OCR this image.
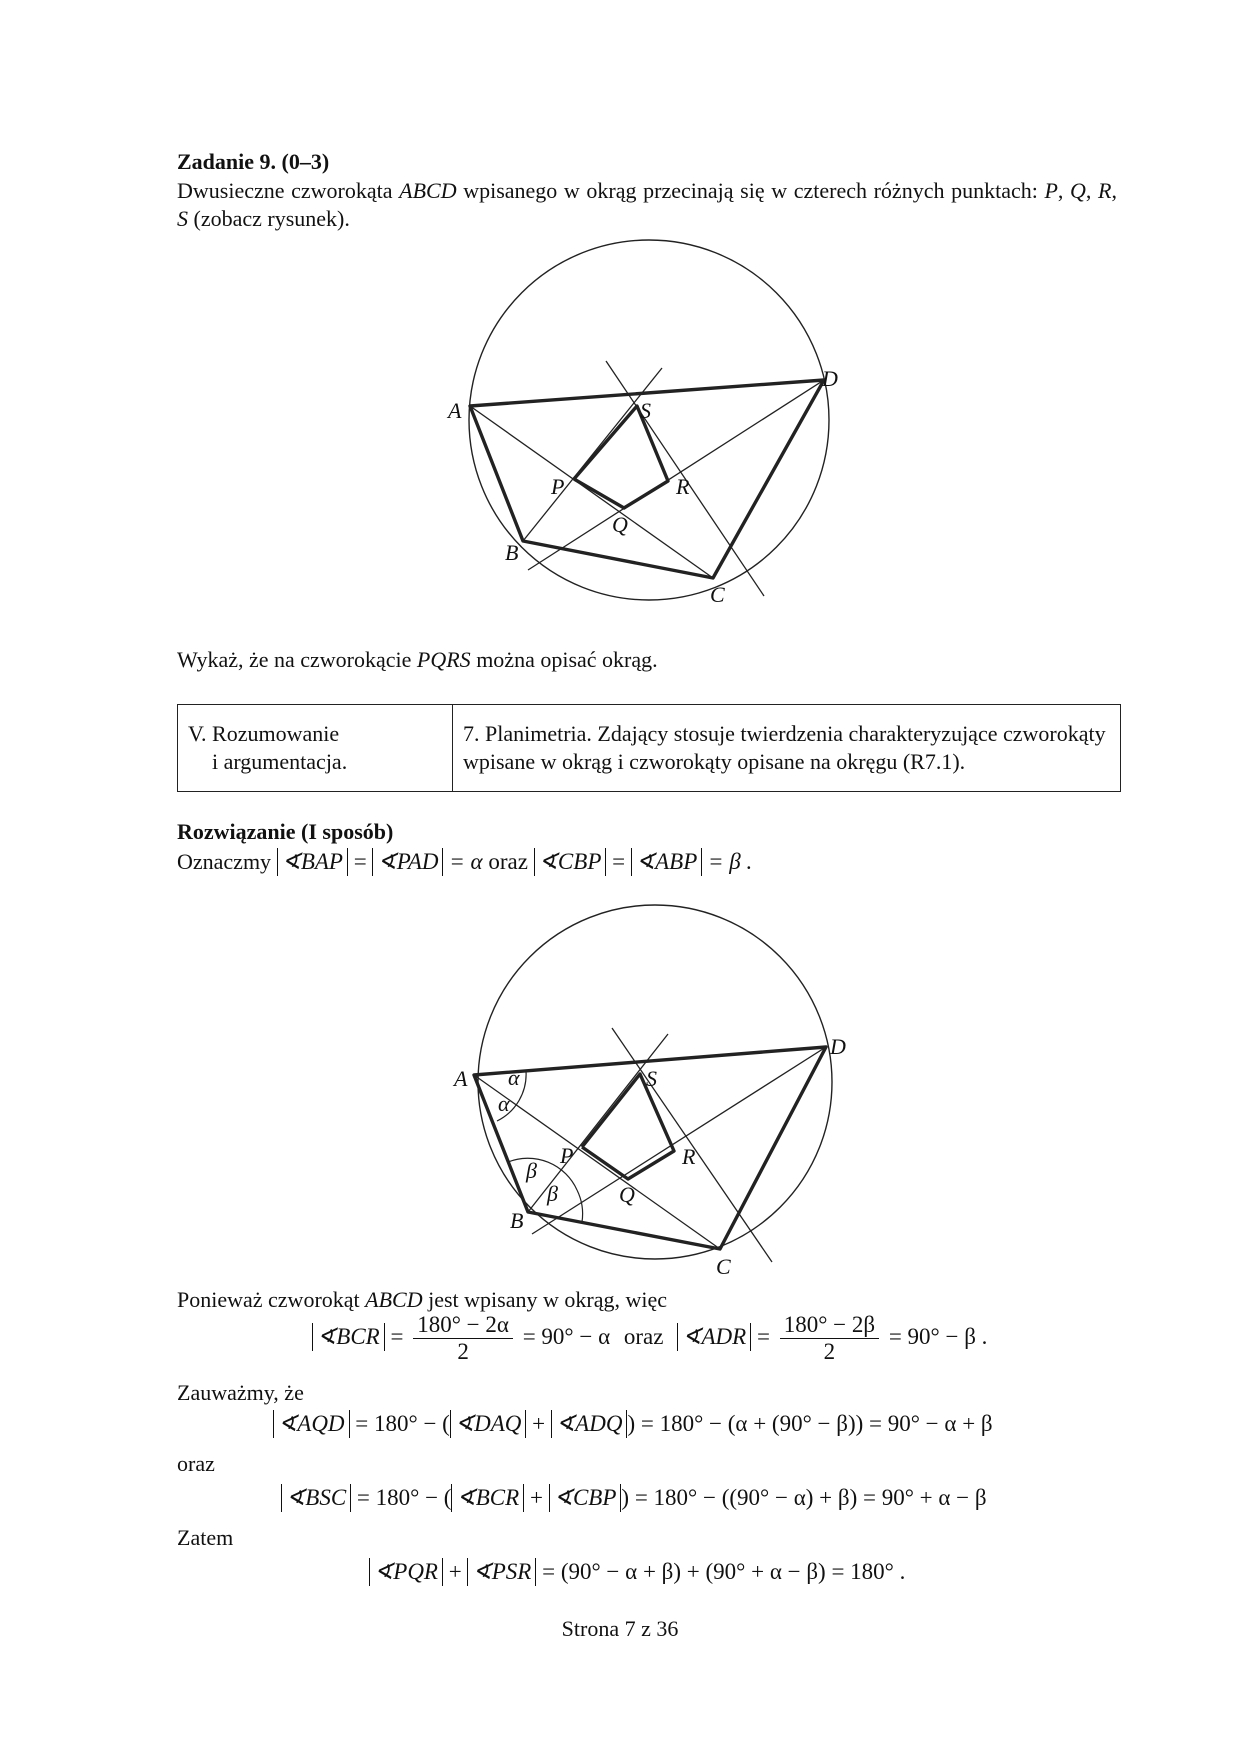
Zadanie 9. (0–3)
Dwusieczne czworokąta ABCD wpisanego w okrąg przecinają się w czterech różnych punktach: P, Q, R, S (zobacz rysunek).
A
B
C
D
S
P	R
Q
Wykaż, że na czworokącie PQRS można opisać okrąg.
V. Rozumowanie
i argumentacja.
	7. Planimetria. Zdający stosuje twierdzenia charakteryzujące czworokąty wpisane w okrąg i czworokąty opisane na okręgu (R7.1).
Rozwiązanie (I sposób)
Oznaczmy ∢BAP = ∢PAD = α oraz ∢CBP = ∢ABP = β .
A α
α
β
β
B
C
D
S
P	R
Q
Ponieważ czworokąt ABCD jest wpisany w okrąg, więc
∢BCR = $\frac{180^\circ - 2\alpha}{2} = 90^\circ - \alpha$ oraz ∢ADR = $\frac{180^\circ - 2\beta}{2} = 90^\circ - \beta$ .
Zauważmy, że
∢AQD = 180° − ( ∢DAQ + ∢ADQ ) = 180° − (α + (90° − β)) = 90° − α + β
oraz
∢BSC = 180° − ( ∢BCR + ∢CBP ) = 180° − ((90° − α) + β) = 90° + α − β
Zatem
∢PQR + ∢PSR = (90° − α + β) + (90° + α − β) = 180° .
Strona 7 z 36
